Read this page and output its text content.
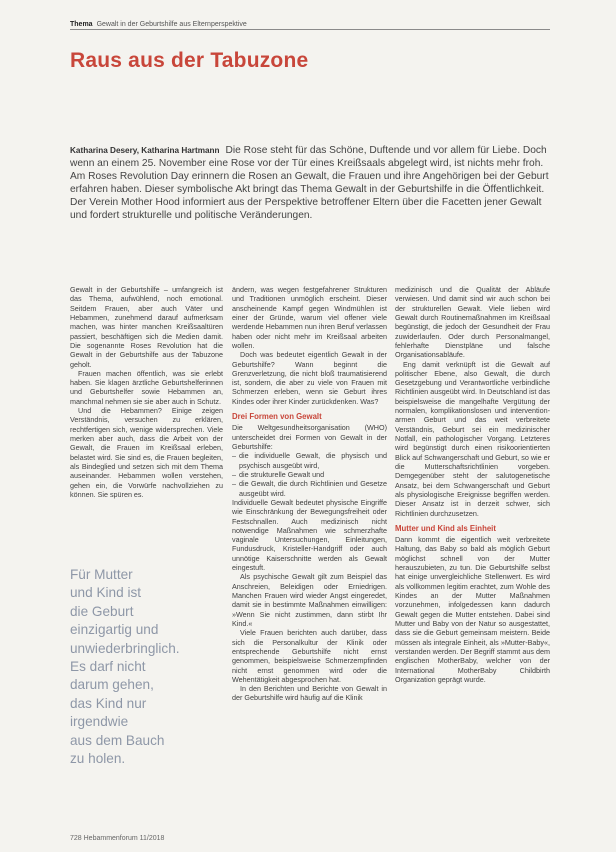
Thema Gewalt in der Geburtshilfe aus Elternperspektive
Raus aus der Tabuzone
Katharina Desery, Katharina Hartmann Die Rose steht für das Schöne, Duftende und vor allem für Liebe. Doch wenn an einem 25. November eine Rose vor der Tür eines Kreißsaals abgelegt wird, ist nichts mehr froh. Am Roses Revolution Day erinnern die Rosen an Gewalt, die Frauen und ihre Angehörigen bei der Geburt erfahren haben. Dieser symbolische Akt bringt das Thema Gewalt in der Geburtshilfe in die Öffentlichkeit. Der Verein Mother Hood informiert aus der Perspektive betroffener Eltern über die Facetten jener Gewalt und fordert strukturelle und politische Veränderungen.

Gewalt in der Geburtshilfe – umfangreich ist das Thema, aufwühlend, noch emotional. Seitdem Frauen, aber auch Väter und Hebammen, zunehmend darauf aufmerksam machen, was hinter manchen Kreißsaaltüren passiert, beschäftigen sich die Medien damit. Die sogenannte Roses Revolution hat die Gewalt in der Geburtshilfe aus der Tabuzone geholt.

Frauen machen öffentlich, was sie erlebt haben. Sie klagen ärztliche Geburtshelferinnen und Geburtshelfer sowie Hebammen an, manchmal nehmen sie sie aber auch in Schutz.

Und die Hebammen? Einige zeigen Verständnis, versuchen zu erklären, rechtfertigen sich, wenige widersprechen. Viele merken aber auch, dass die Arbeit von der Gewalt, die Frauen im Kreißsaal erleben, belastet wird. Sie sind es, die Frauen begleiten, als Bindeglied und setzen sich mit dem Thema auseinander. Hebammen wollen verstehen, gehen ein, die Vorwürfe nachvollziehen zu können. Sie spüren es.

Für Mutter
und Kind ist
die Geburt
einzigartig und
unwiederbringlich.
Es darf nicht
darum gehen,
das Kind nur
irgendwie
aus dem Bauch
zu holen.

ändern, was wegen festgefahrener Strukturen und Traditionen unmöglich erscheint. Dieser anscheinende Kampf gegen Windmühlen ist einer der Gründe, warum viel offener viele werdende Hebammen nun ihren Beruf verlassen haben oder nicht mehr im Kreißsaal arbeiten wollen.

Doch was bedeutet eigentlich Gewalt in der Geburtshilfe? Wann beginnt die Grenzverletzung, die nicht bloß traumatisierend ist, sondern, die aber zu viele von Frauen mit Schmerzen erleben, wenn sie Geburt ihres Kindes oder ihrer Kinder zurückdenken. Was?

Drei Formen von Gewalt

Die Weltgesundheitsorganisation (WHO) unterscheidet drei Formen von Gewalt in der Geburtshilfe:

– die individuelle Gewalt, die physisch und psychisch ausgeübt wird,
– die strukturelle Gewalt und
– die Gewalt, die durch Richtlinien und Gesetze ausgeübt wird.

Individuelle Gewalt bedeutet physische Eingriffe wie Einschränkung der Bewegungsfreiheit oder Festschnallen. Auch medizinisch nicht notwendige Maßnahmen wie schmerzhafte vaginale Untersuchungen, Einleitungen, Fundusdruck, Kristeller-Handgriff oder auch unnötige Kaiserschnitte werden als Gewalt eingestuft.

Als psychische Gewalt gilt zum Beispiel das Anschreien, Beleidigen oder Erniedrigen. Manchen Frauen wird wieder Angst eingeredet, damit sie in bestimmte Maßnahmen einwilligen: »Wenn Sie nicht zustimmen, dann stirbt Ihr Kind.«

Viele Frauen berichten auch darüber, dass sich die Personalkultur der Klinik oder entsprechende Geburtshilfe nicht ernst genommen, beispielsweise Schmerzempfinden nicht ernst genommen wird oder die Wehentätigkeit abgesprochen hat.

In den Berichten und Berichte von Gewalt in der Geburtshilfe wird häufig auf die Klinik

medizinisch und die Qualität der Abläufe verwiesen. Und damit sind wir auch schon bei der strukturellen Gewalt. Viele lieben wird Gewalt durch Routinemaßnahmen im Kreißsaal begünstigt, die jedoch der Gesundheit der Frau zuwiderlaufen. Oder durch Personalmangel, fehlerhafte Dienstpläne und falsche Organisationsabläufe.

Eng damit verknüpft ist die Gewalt auf politischer Ebene, also Gewalt, die durch Gesetzgebung und Verantwortliche verbindliche Richtlinien ausgeübt wird. In Deutschland ist das beispielsweise die mangelhafte Vergütung der normalen, komplikationslosen und intervention-armen Geburt und das weit verbreitete Verständnis, Geburt sei ein medizinischer Notfall, ein pathologischer Vorgang. Letzteres wird begünstigt durch einen risikoorientierten Blick auf Schwangerschaft und Geburt, so wie er die Mutterschaftsrichtlinien vorgeben. Demgegenüber steht der salutogenetische Ansatz, bei dem Schwangerschaft und Geburt als physiologische Ereignisse begriffen werden. Dieser Ansatz ist in derzeit schwer, sich Richtlinien durchzusetzen.

Mutter und Kind als Einheit

Dann kommt die eigentlich weit verbreitete Haltung, das Baby so bald als möglich Geburt möglichst schnell von der Mutter herauszubieten, zu tun. Die Geburtshilfe selbst hat einige unvergleichliche Stellenwert. Es wird als vollkommen legitim erachtet, zum Wohle des Kindes an der Mutter Maßnahmen vorzunehmen, infolgedessen kann dadurch Gewalt gegen die Mutter entstehen. Dabei sind Mutter und Baby von der Natur so ausgestattet, dass sie die Geburt gemeinsam meistern. Beide müssen als integrale Einheit, als »Mutter-Baby«, verstanden werden. Der Begriff stammt aus dem englischen MotherBaby, welcher von der International MotherBaby Childbirth Organization geprägt wurde.

728 Hebammenforum 11/2018
